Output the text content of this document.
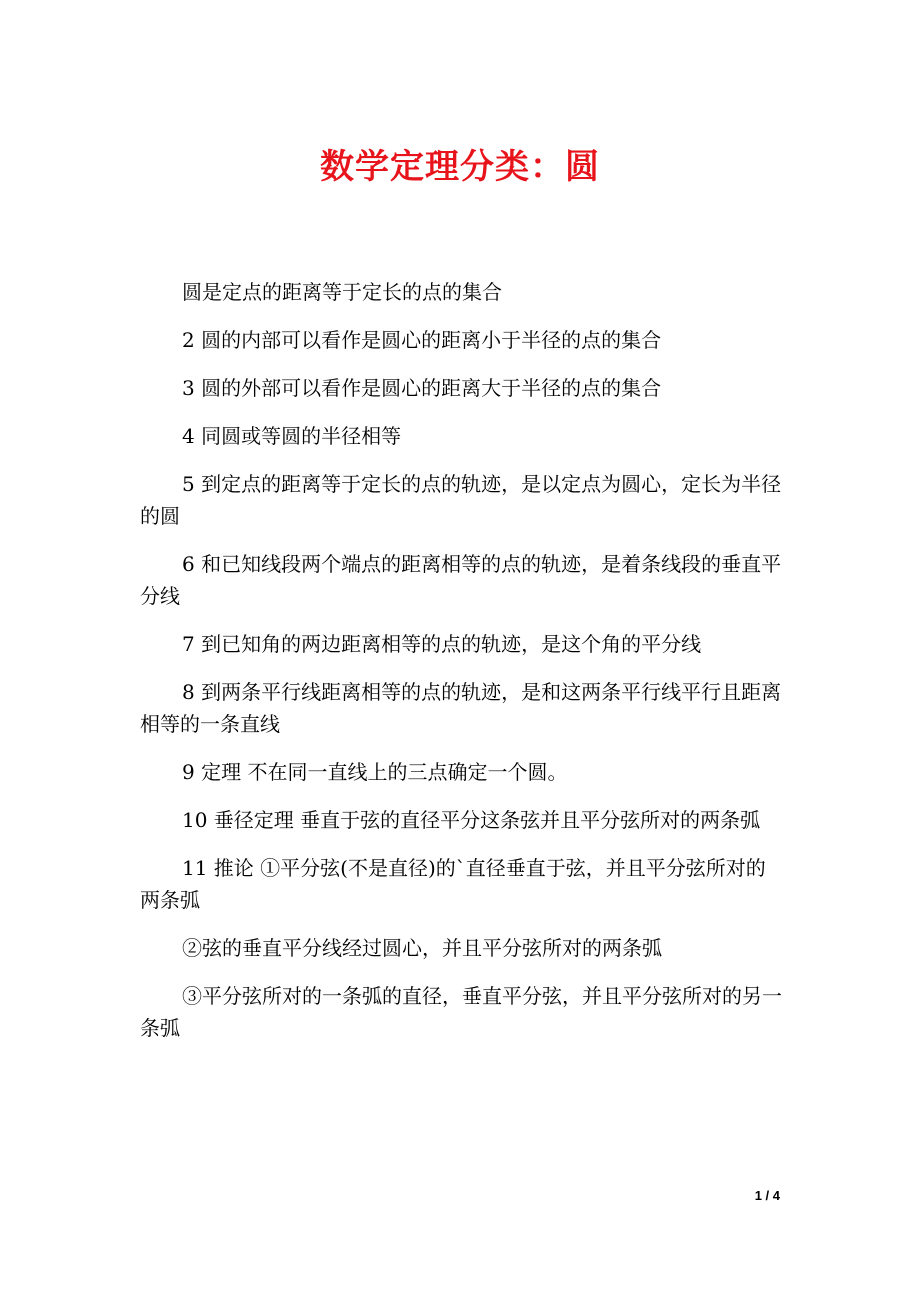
数学定理分类：圆

圆是定点的距离等于定长的点的集合

2 圆的内部可以看作是圆心的距离小于半径的点的集合

3 圆的外部可以看作是圆心的距离大于半径的点的集合

4 同圆或等圆的半径相等

5 到定点的距离等于定长的点的轨迹，是以定点为圆心，定长为半径的圆

6 和已知线段两个端点的距离相等的点的轨迹，是着条线段的垂直平分线

7 到已知角的两边距离相等的点的轨迹，是这个角的平分线

8 到两条平行线距离相等的点的轨迹，是和这两条平行线平行且距离相等的一条直线

9 定理 不在同一直线上的三点确定一个圆。

10 垂径定理 垂直于弦的直径平分这条弦并且平分弦所对的两条弧

11 推论 ①平分弦(不是直径)的`直径垂直于弦，并且平分弦所对的两条弧

②弦的垂直平分线经过圆心，并且平分弦所对的两条弧

③平分弦所对的一条弧的直径，垂直平分弦，并且平分弦所对的另一条弧

1 / 4
